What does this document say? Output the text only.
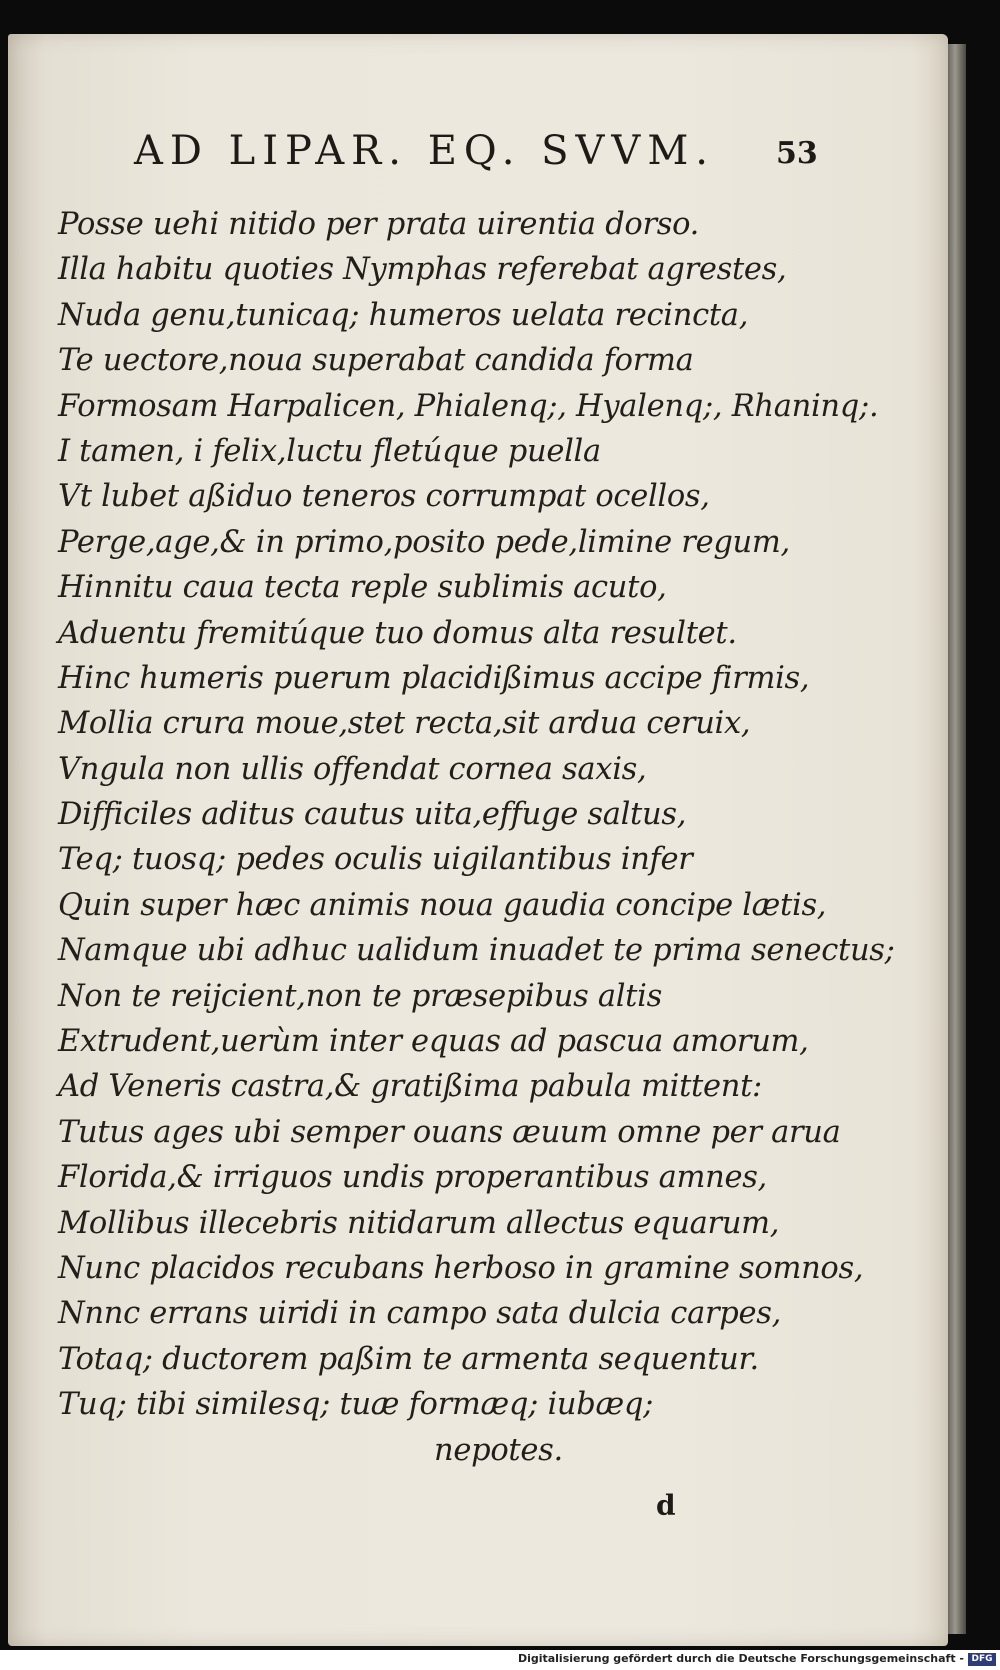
AD LIPAR. EQ. SVVM. 53
Posse uehi nitido per prata uirentia dorso.
Illa habitu quoties Nymphas referebat agrestes,
Nuda genu,tunicaq; humeros uelata recincta,
Te uectore,noua superabat candida forma
Formosam Harpalicen, Phialenq;, Hyalenq;, Rhaninq;.
I tamen, i felix,luctu fletúque puella
Vt lubet aßiduo teneros corrumpat ocellos,
Perge,age,& in primo,posito pede,limine regum,
Hinnitu caua tecta reple sublimis acuto,
Aduentu fremitúque tuo domus alta resultet.
Hinc humeris puerum placidißimus accipe firmis,
Mollia crura moue,stet recta,sit ardua ceruix,
Vngula non ullis offendat cornea saxis,
Difficiles aditus cautus uita,effuge saltus,
Teq; tuosq; pedes oculis uigilantibus infer
Quin super hæc animis noua gaudia concipe lætis,
Namque ubi adhuc ualidum inuadet te prima senectus;
Non te reijcient,non te præsepibus altis
Extrudent,uerùm inter equas ad pascua amorum,
Ad Veneris castra,& gratißima pabula mittent:
Tutus ages ubi semper ouans æuum omne per arua
Florida,& irriguos undis properantibus amnes,
Mollibus illecebris nitidarum allectus equarum,
Nunc placidos recubans herboso in gramine somnos,
Nnnc errans uiridi in campo sata dulcia carpes,
Totaq; ductorem paßim te armenta sequentur.
Tuq; tibi similesq; tuæ formæq; iubæq;
nepotes.
d
Digitalisierung gefördert durch die Deutsche Forschungsgemeinschaft - DFG
